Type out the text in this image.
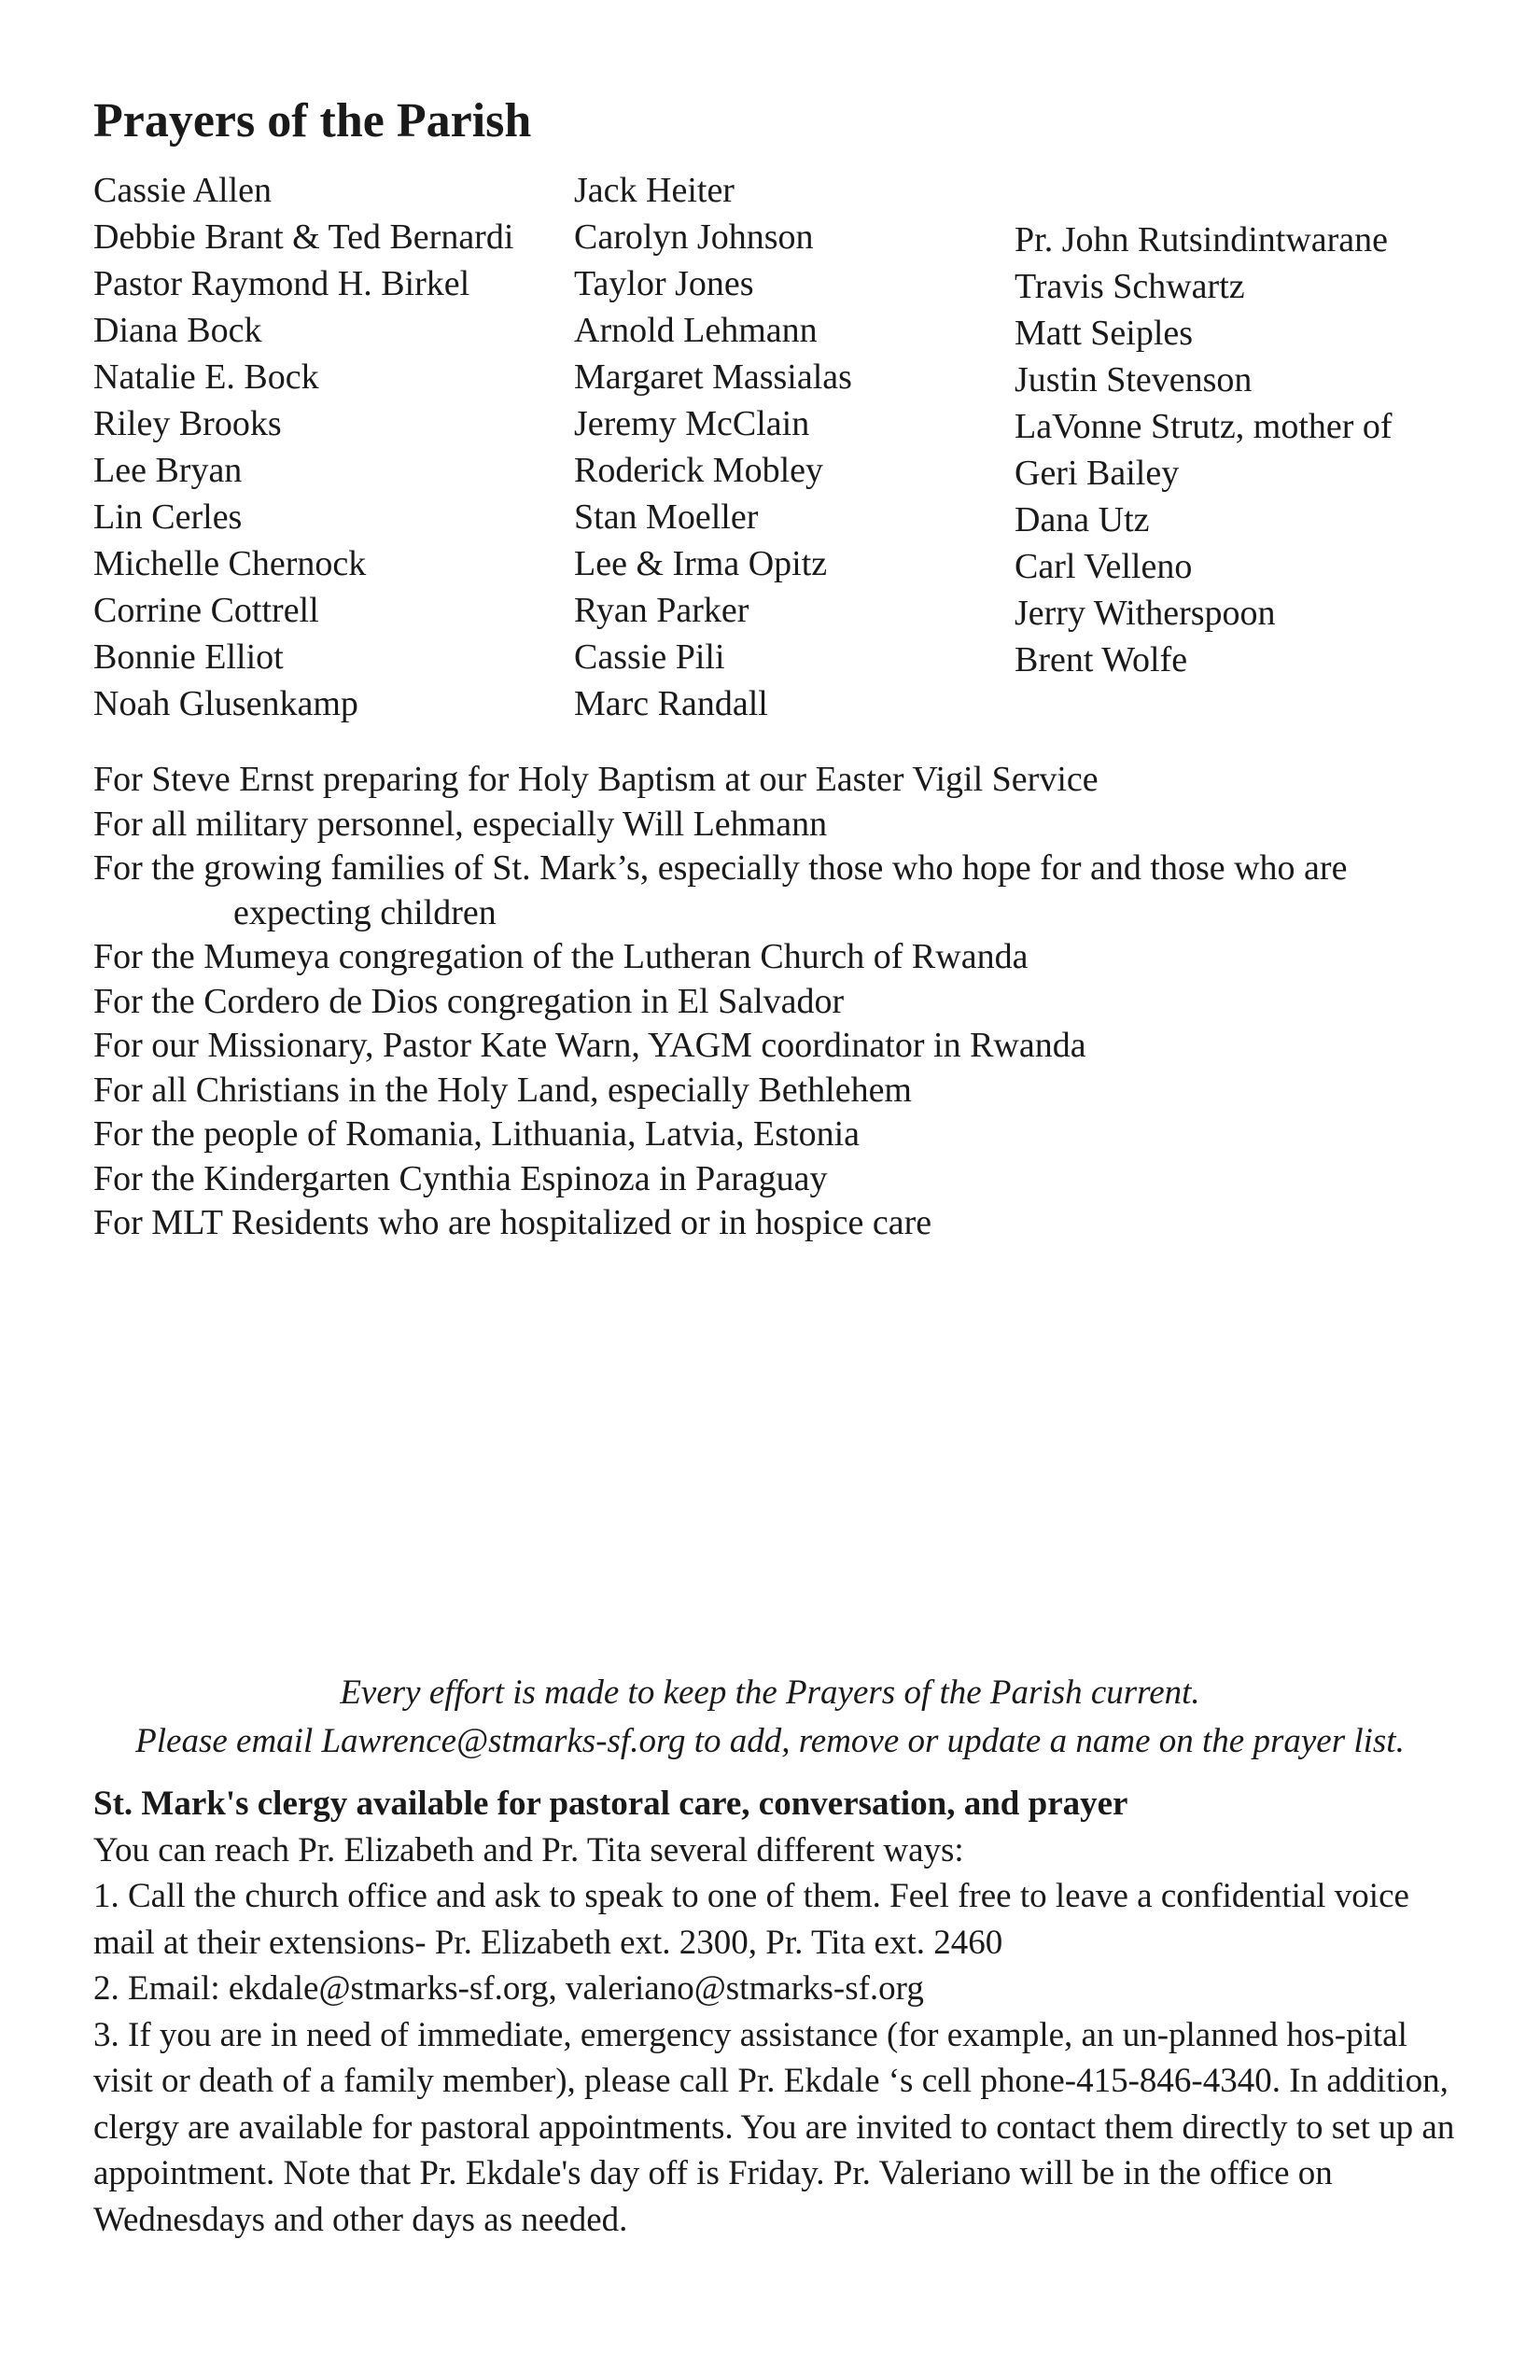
Prayers of the Parish
Cassie Allen
Debbie Brant & Ted Bernardi
Pastor Raymond H. Birkel
Diana Bock
Natalie E. Bock
Riley Brooks
Lee Bryan
Lin Cerles
Michelle Chernock
Corrine Cottrell
Bonnie Elliot
Noah Glusenkamp
Jack Heiter
Carolyn Johnson
Taylor Jones
Arnold Lehmann
Margaret Massialas
Jeremy McClain
Roderick Mobley
Stan Moeller
Lee & Irma Opitz
Ryan Parker
Cassie Pili
Marc Randall
Pr. John Rutsindintwarane
Travis Schwartz
Matt Seiples
Justin Stevenson
LaVonne Strutz, mother of
Geri Bailey
Dana Utz
Carl Velleno
Jerry Witherspoon
Brent Wolfe
For Steve Ernst preparing for Holy Baptism at our Easter Vigil Service
For all military personnel, especially Will Lehmann
For the growing families of St. Mark’s, especially those who hope for and those who are expecting children
For the Mumeya congregation of the Lutheran Church of Rwanda
For the Cordero de Dios congregation in El Salvador
For our Missionary, Pastor Kate Warn, YAGM coordinator in Rwanda
For all Christians in the Holy Land, especially Bethlehem
For the people of Romania, Lithuania, Latvia, Estonia
For the Kindergarten Cynthia Espinoza in Paraguay
For MLT Residents who are hospitalized or in hospice care

Every effort is made to keep the Prayers of the Parish current.

Please email Lawrence@stmarks-sf.org to add, remove or update a name on the prayer list.

St. Mark's clergy available for pastoral care, conversation, and prayer

You can reach Pr. Elizabeth and Pr. Tita several different ways:

1. Call the church office and ask to speak to one of them. Feel free to leave a confidential voice mail at their extensions- Pr. Elizabeth ext. 2300, Pr. Tita ext. 2460

2. Email: ekdale@stmarks-sf.org, valeriano@stmarks-sf.org

3. If you are in need of immediate, emergency assistance (for example, an un-planned hos-pital visit or death of a family member), please call Pr. Ekdale ‘s cell phone-415-846-4340. In addition, clergy are available for pastoral appointments. You are invited to contact them directly to set up an appointment. Note that Pr. Ekdale's day off is Friday. Pr. Valeriano will be in the office on Wednesdays and other days as needed.
